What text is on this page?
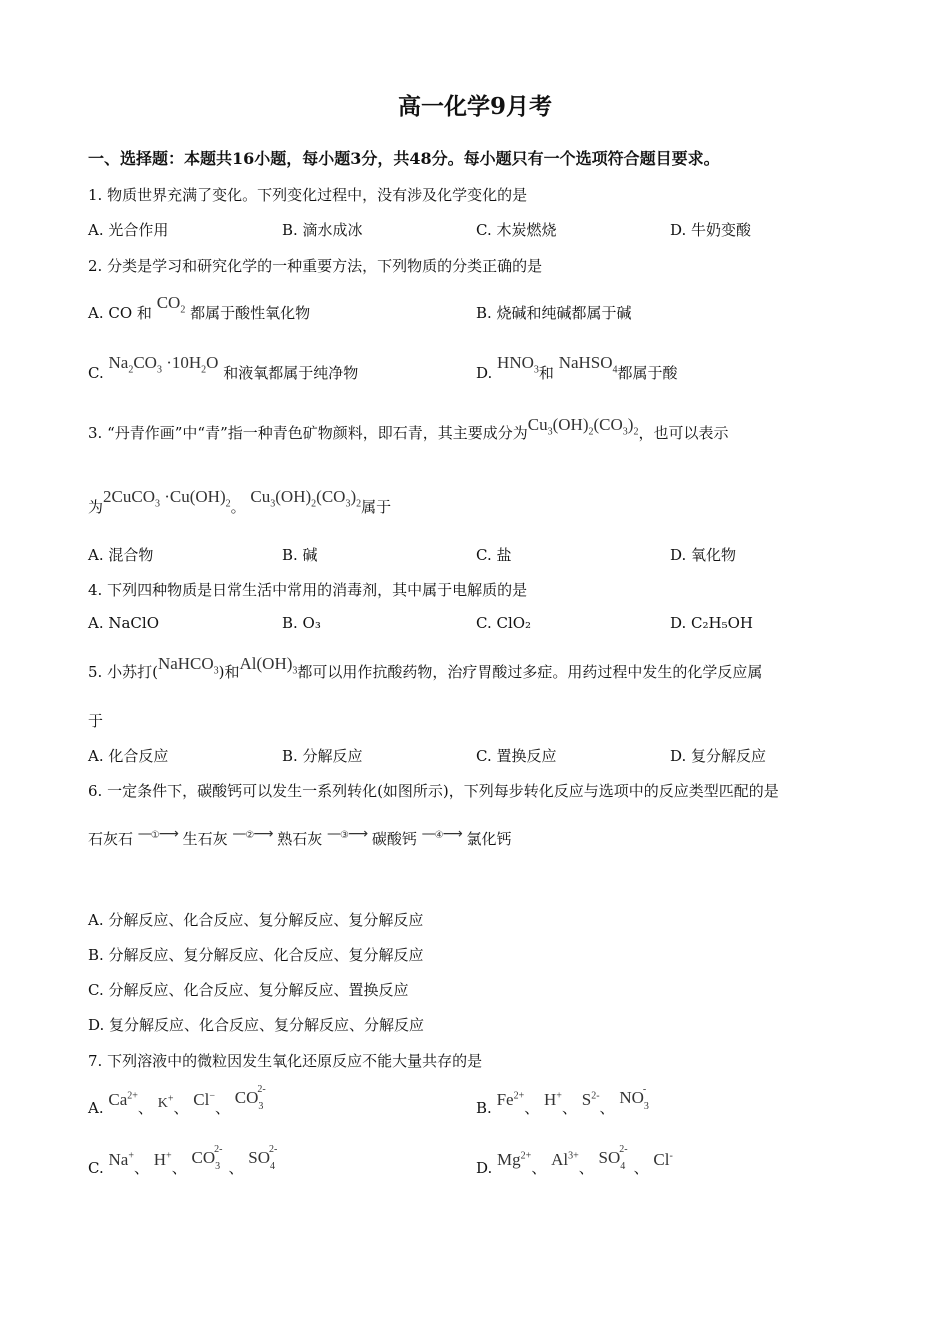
高一化学9月考
一、选择题：本题共16小题，每小题3分，共48分。每小题只有一个选项符合题目要求。
1. 物质世界充满了变化。下列变化过程中，没有涉及化学变化的是
A. 光合作用	B. 滴水成冰	C. 木炭燃烧	D. 牛奶变酸
2. 分类是学习和研究化学的一种重要方法，下列物质的分类正确的是
A. CO 和 $CO_2$ 都属于酸性氧化物	B. 烧碱和纯碱都属于碱
C. $Na_2CO_3 \cdot 10H_2O$ 和液氧都属于纯净物	D. $HNO_3$和 NaHSO$_4$都属于酸
3. “丹青作画”中“青”指一种青色矿物颜料，即石青，其主要成分为$Cu_3(OH)_2(CO_3)_2$，也可以表示
为2CuCO$_3$ $\cdot Cu(OH)_2$。 $Cu_3(OH)_2(CO_3)_2$属于
A. 混合物	B. 碱	C. 盐	D. 氧化物
4. 下列四种物质是日常生活中常用的消毒剂，其中属于电解质的是
A. NaClO	B. O₃	C. ClO₂	D. C₂H₅OH
5. 小苏打(NaHCO$_3$)和$Al(OH)_3$都可以用作抗酸药物，治疗胃酸过多症。用药过程中发生的化学反应属
于
A. 化合反应	B. 分解反应	C. 置换反应	D. 复分解反应
6. 一定条件下，碳酸钙可以发生一系列转化(如图所示)，下列每步转化反应与选项中的反应类型匹配的是
石灰石 —①⟶ 生石灰 —②⟶ 熟石灰 —③⟶ 碳酸钙 —④⟶ 氯化钙
A. 分解反应、化合反应、复分解反应、复分解反应
B. 分解反应、复分解反应、化合反应、复分解反应
C. 分解反应、化合反应、复分解反应、置换反应
D. 复分解反应、化合反应、复分解反应、分解反应
7. 下列溶液中的微粒因发生氧化还原反应不能大量共存的是
A. $Ca^{2+}$、 K+、 Cl−、 $CO_3^{2-}$
B. $Fe^{2+}$、 H+、 $S^{2-}$、 $NO_3^-$
C. Na+、 H+、 $CO_3^{2-}$、 $SO_4^{2-}$
D. $Mg^{2+}$、 $Al^{3+}$、 $SO_4^{2-}$、 Cl-
